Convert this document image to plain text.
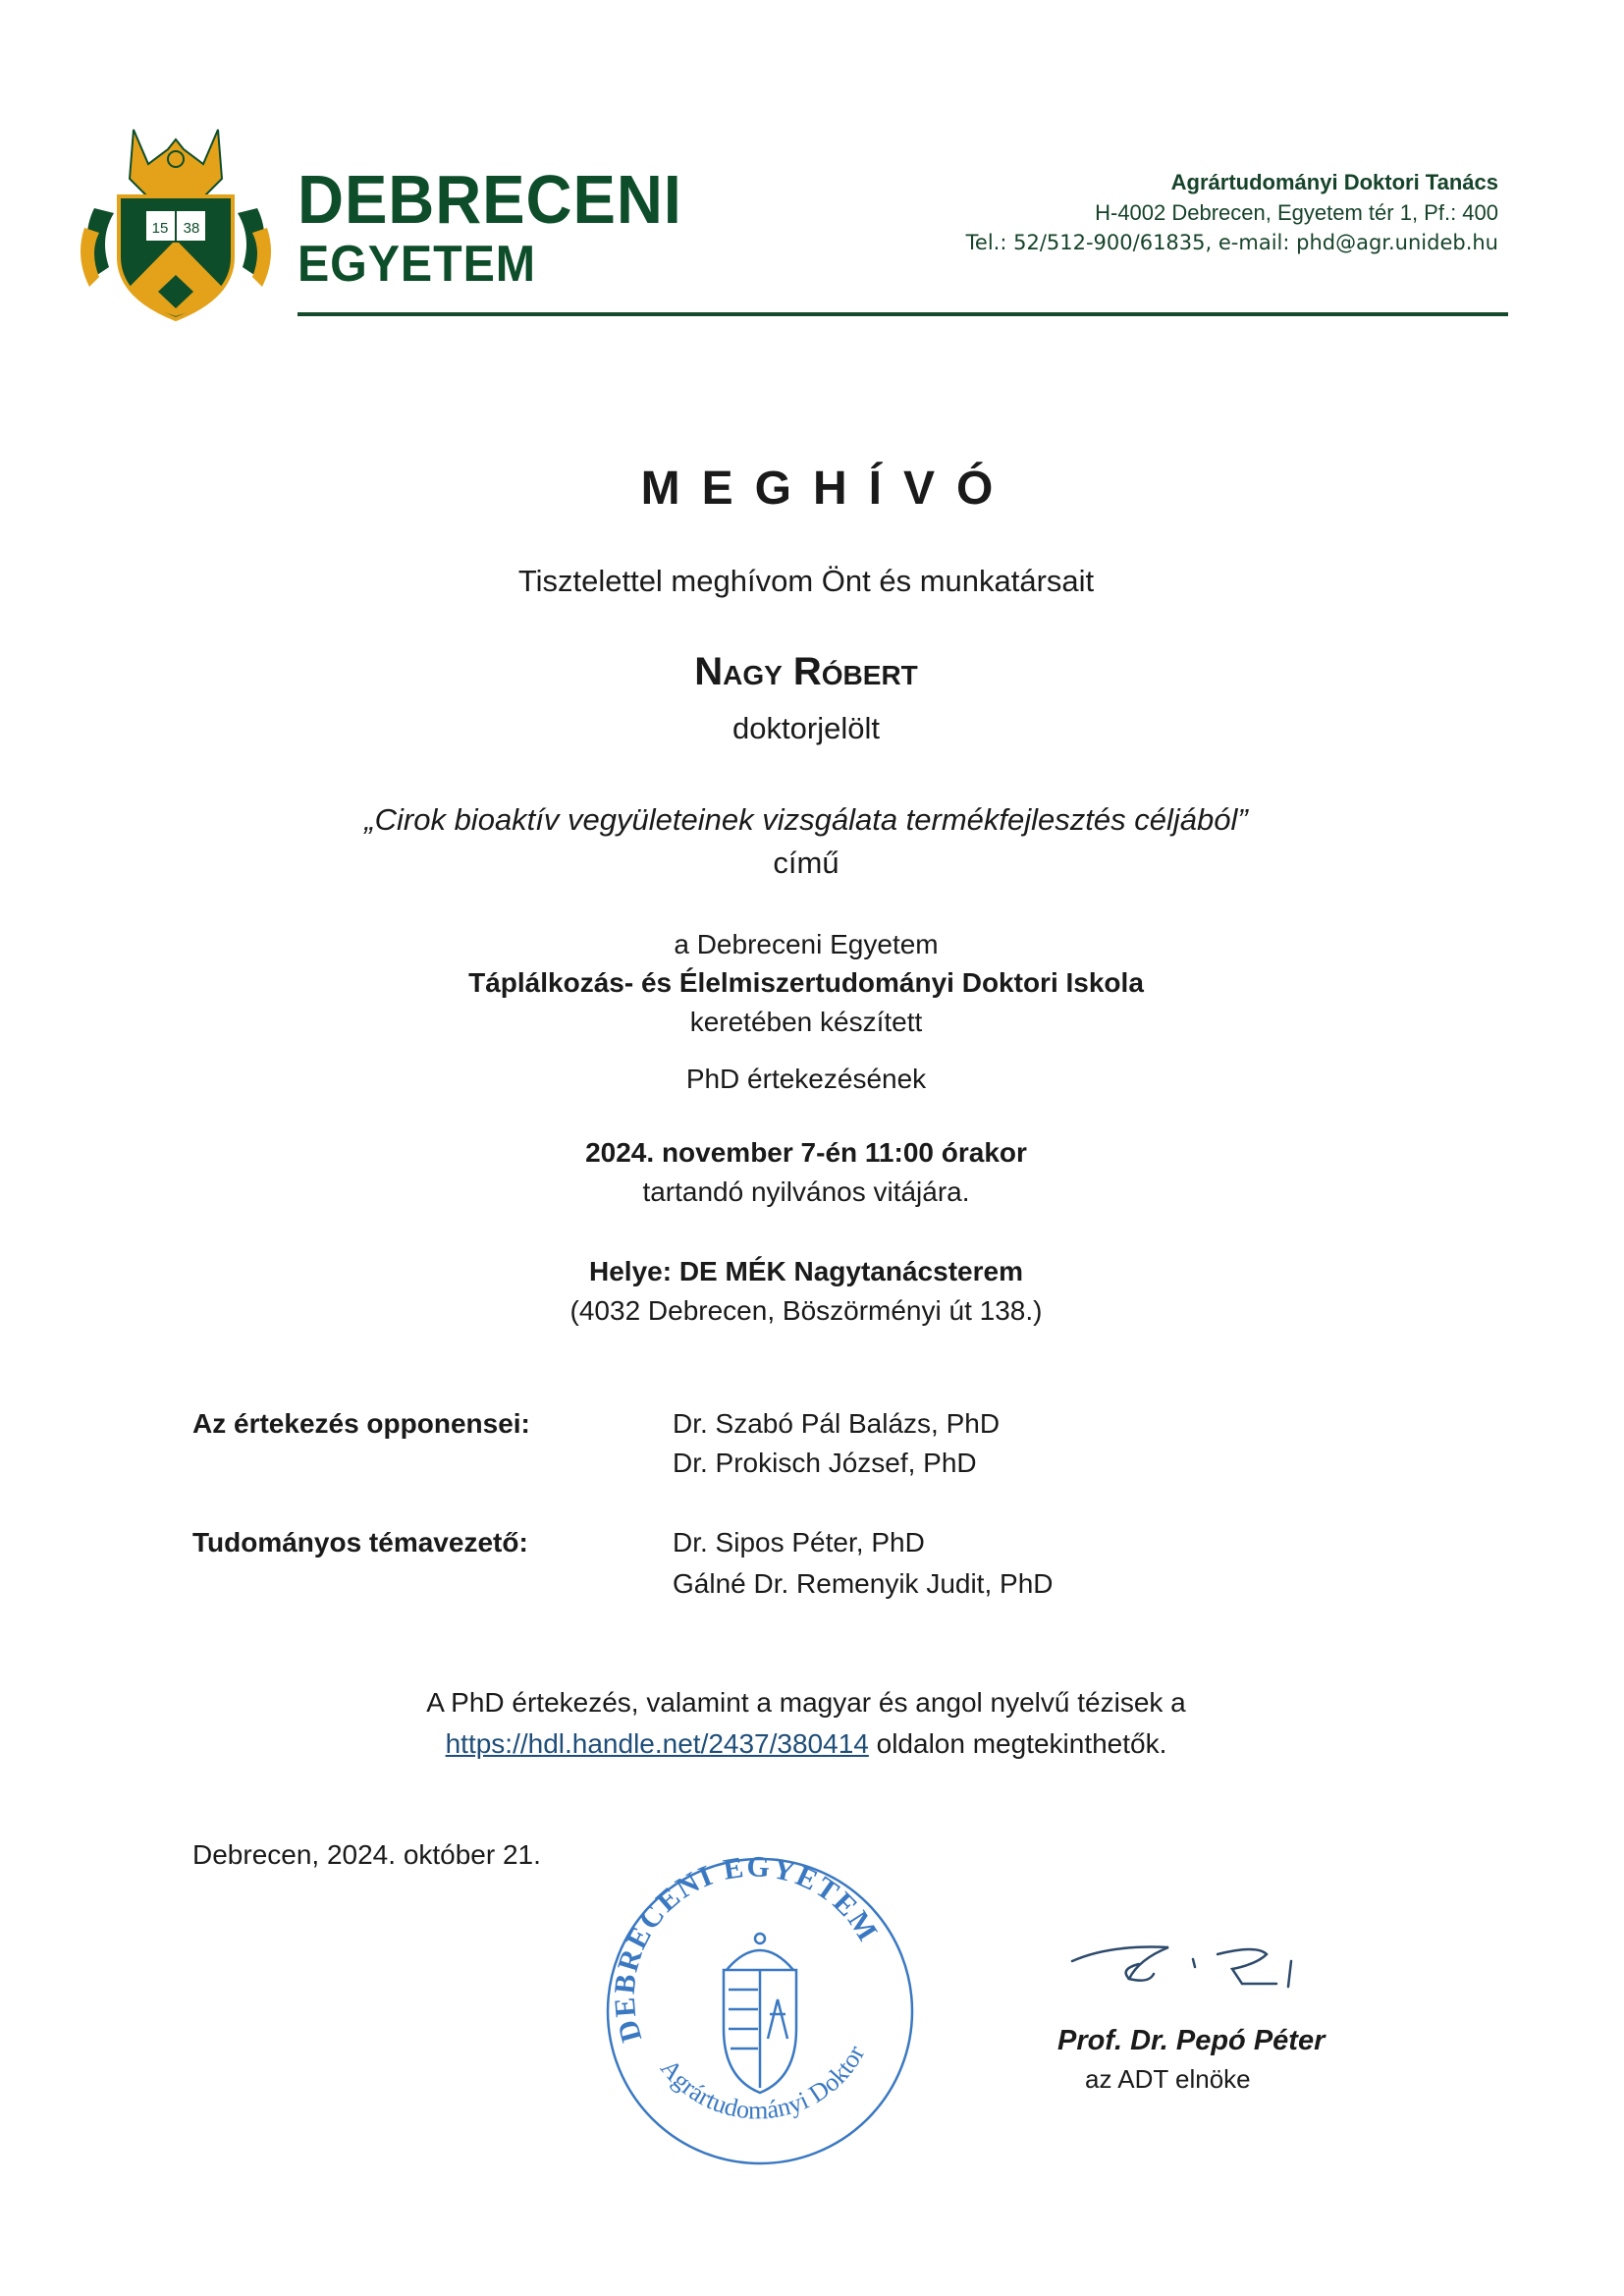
15 38 DEBRECENI
EGYETEM
Agrártudományi Doktori Tanács
H-4002 Debrecen, Egyetem tér 1, Pf.: 400
Tel.: 52/512-900/61835, e-mail: phd@agr.unideb.hu
MEGHÍVÓ
Tisztelettel meghívom Önt és munkatársait
Nagy Róbert
doktorjelölt
„Cirok bioaktív vegyületeinek vizsgálata termékfejlesztés céljából”
című
a Debreceni Egyetem
Táplálkozás- és Élelmiszertudományi Doktori Iskola
keretében készített
PhD értekezésének
2024. november 7-én 11:00 órakor
tartandó nyilvános vitájára.
Helye: DE MÉK Nagytanácsterem
(4032 Debrecen, Böszörményi út 138.)
Az értekezés opponensei:	Dr. Szabó Pál Balázs, PhD
Dr. Prokisch József, PhD
Tudományos témavezető:	Dr. Sipos Péter, PhD
Gálné Dr. Remenyik Judit, PhD
A PhD értekezés, valamint a magyar és angol nyelvű tézisek a
https://hdl.handle.net/2437/380414 oldalon megtekinthetők.
Debrecen, 2024. október 21.
DEBRECENI EGYETEM
Agrártudományi Doktor	Prof. Dr. Pepó Péter
az ADT elnöke
